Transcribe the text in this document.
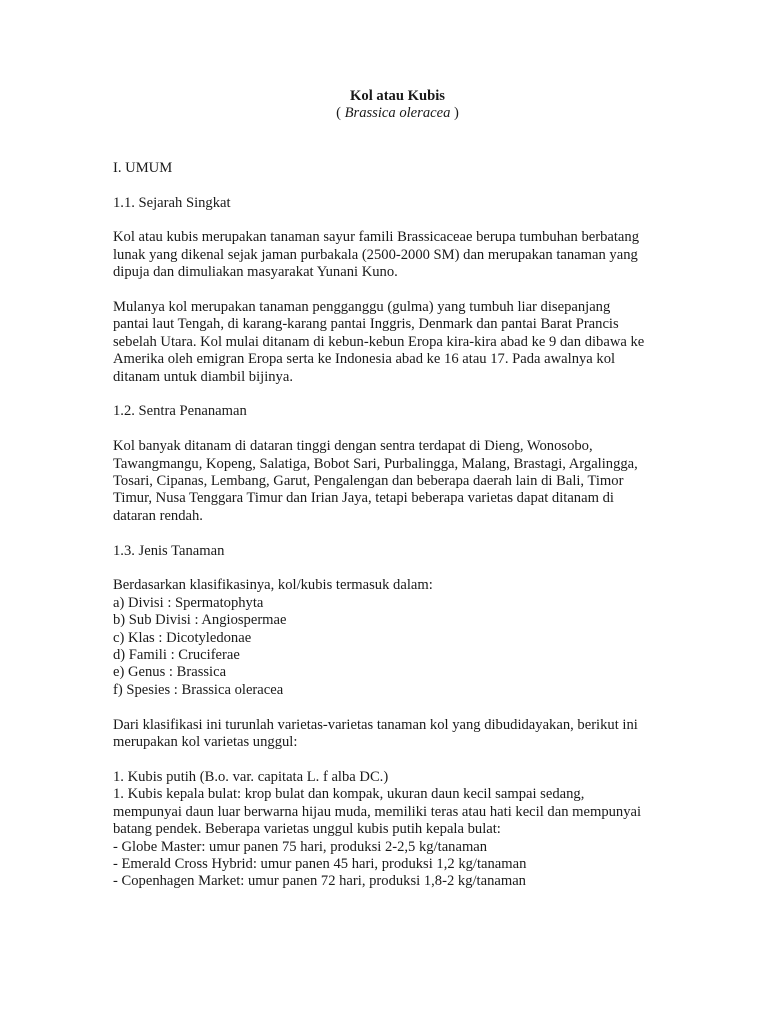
Kol atau Kubis

( Brassica oleracea )

I. UMUM

1.1. Sejarah Singkat

Kol atau kubis merupakan tanaman sayur famili Brassicaceae berupa tumbuhan berbatang
lunak yang dikenal sejak jaman purbakala (2500-2000 SM) dan merupakan tanaman yang
dipuja dan dimuliakan masyarakat Yunani Kuno.

Mulanya kol merupakan tanaman pengganggu (gulma) yang tumbuh liar disepanjang
pantai laut Tengah, di karang-karang pantai Inggris, Denmark dan pantai Barat Prancis
sebelah Utara. Kol mulai ditanam di kebun-kebun Eropa kira-kira abad ke 9 dan dibawa ke
Amerika oleh emigran Eropa serta ke Indonesia abad ke 16 atau 17. Pada awalnya kol
ditanam untuk diambil bijinya.

1.2. Sentra Penanaman

Kol banyak ditanam di dataran tinggi dengan sentra terdapat di Dieng, Wonosobo,
Tawangmangu, Kopeng, Salatiga, Bobot Sari, Purbalingga, Malang, Brastagi, Argalingga,
Tosari, Cipanas, Lembang, Garut, Pengalengan dan beberapa daerah lain di Bali, Timor
Timur, Nusa Tenggara Timur dan Irian Jaya, tetapi beberapa varietas dapat ditanam di
dataran rendah.

1.3. Jenis Tanaman

Berdasarkan klasifikasinya, kol/kubis termasuk dalam:

a) Divisi : Spermatophyta

b) Sub Divisi : Angiospermae

c) Klas : Dicotyledonae

d) Famili : Cruciferae

e) Genus : Brassica

f) Spesies : Brassica oleracea

Dari klasifikasi ini turunlah varietas-varietas tanaman kol yang dibudidayakan, berikut ini
merupakan kol varietas unggul:

1. Kubis putih (B.o. var. capitata L. f alba DC.)

1. Kubis kepala bulat: krop bulat dan kompak, ukuran daun kecil sampai sedang,
mempunyai daun luar berwarna hijau muda, memiliki teras atau hati kecil dan mempunyai
batang pendek. Beberapa varietas unggul kubis putih kepala bulat:

- Globe Master: umur panen 75 hari, produksi 2-2,5 kg/tanaman

- Emerald Cross Hybrid: umur panen 45 hari, produksi 1,2 kg/tanaman

- Copenhagen Market: umur panen 72 hari, produksi 1,8-2 kg/tanaman
